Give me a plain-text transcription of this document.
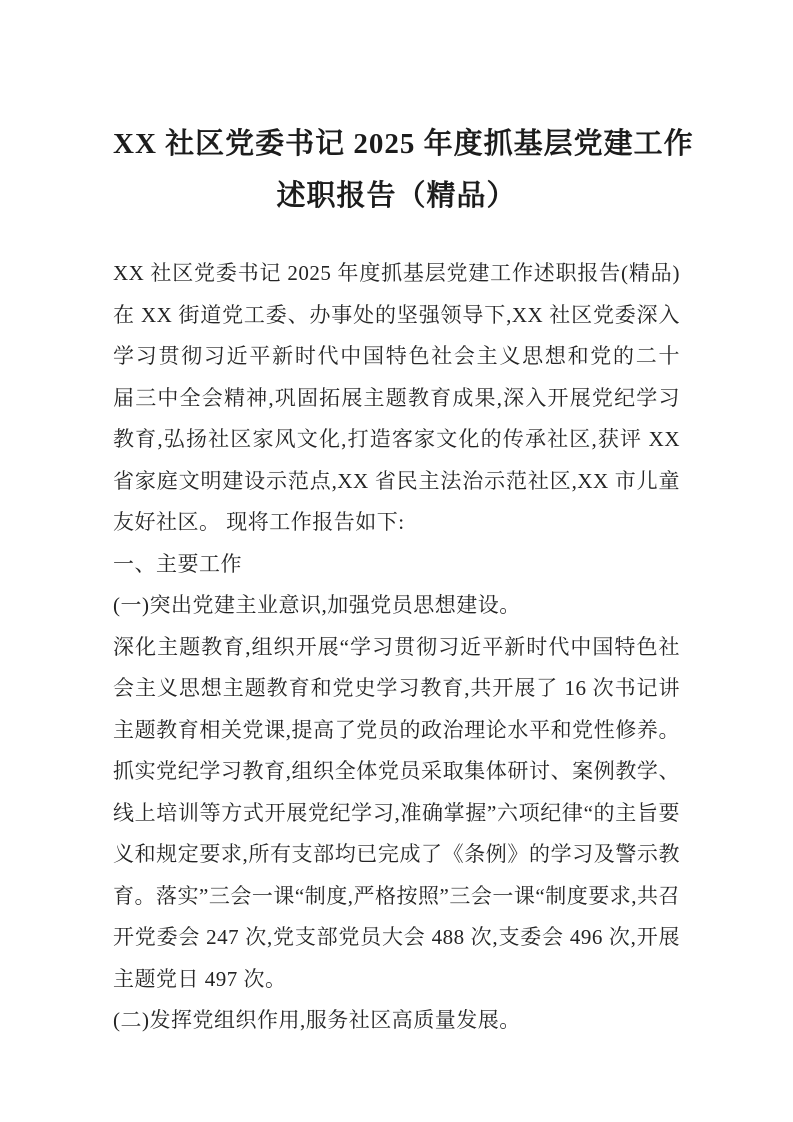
XX 社区党委书记 2025 年度抓基层党建工作
述职报告（精品）
XX 社区党委书记 2025 年度抓基层党建工作述职报告(精品)
在 XX 街道党工委、办事处的坚强领导下,XX 社区党委深入
学习贯彻习近平新时代中国特色社会主义思想和党的二十
届三中全会精神,巩固拓展主题教育成果,深入开展党纪学习
教育,弘扬社区家风文化,打造客家文化的传承社区,获评 XX
省家庭文明建设示范点,XX 省民主法治示范社区,XX 市儿童
友好社区。 现将工作报告如下:
一、主要工作
(一)突出党建主业意识,加强党员思想建设。
深化主题教育,组织开展“学习贯彻习近平新时代中国特色社
会主义思想主题教育和党史学习教育,共开展了 16 次书记讲
主题教育相关党课,提高了党员的政治理论水平和党性修养。
抓实党纪学习教育,组织全体党员采取集体研讨、案例教学、
线上培训等方式开展党纪学习,准确掌握”六项纪律“的主旨要
义和规定要求,所有支部均已完成了《条例》的学习及警示教
育。落实”三会一课“制度,严格按照”三会一课“制度要求,共召
开党委会 247 次,党支部党员大会 488 次,支委会 496 次,开展
主题党日 497 次。
(二)发挥党组织作用,服务社区高质量发展。
